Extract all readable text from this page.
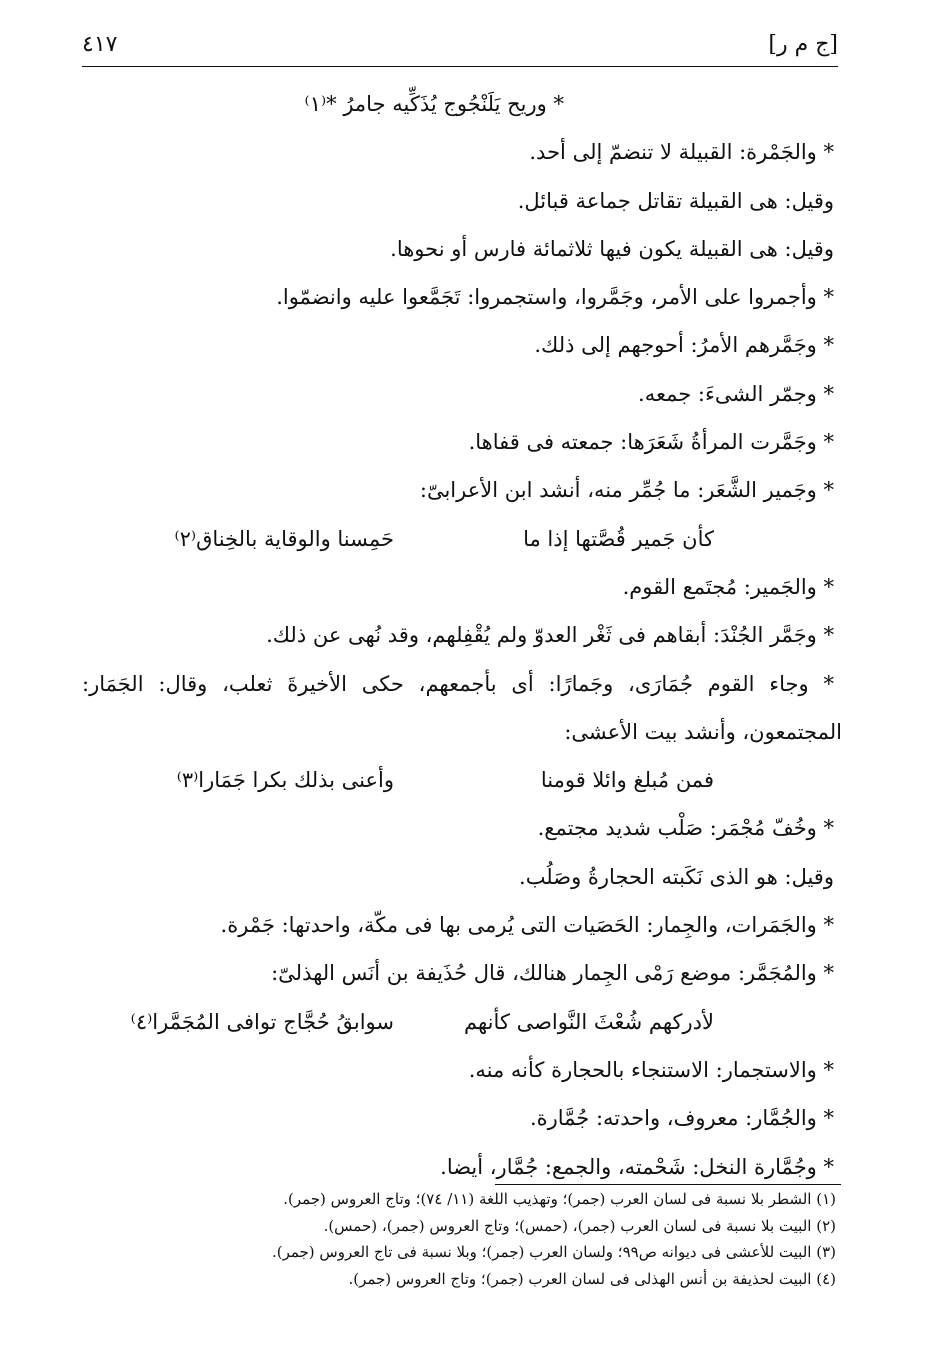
[ج م ر]
٤١٧
* وريح يَلَنْجُوج يُذَكِّيه جامرُ *⁽١⁾
* والجَمْرة: القبيلة لا تنضمّ إلى أحد.
وقيل: هى القبيلة تقاتل جماعة قبائل.
وقيل: هى القبيلة يكون فيها ثلاثمائة فارس أو نحوها.
* وأجمروا على الأمر، وجَمَّروا، واستجمروا: تَجَمَّعوا عليه وانضمّوا.
* وجَمَّرهم الأمرُ: أحوجهم إلى ذلك.
* وجمّر الشىءَ: جمعه.
* وجَمَّرت المرأةُ شَعَرَها: جمعته فى قفاها.
* وجَمير الشَّعَر: ما جُمِّر منه، أنشد ابن الأعرابىّ:
كأن جَمير قُصَّتها إذا ما
حَمِسنا والوقاية بالخِناق⁽٢⁾
* والجَمير: مُجتَمع القوم.
* وجَمَّر الجُنْدَ: أبقاهم فى ثَغْر العدوّ ولم يُقْفِلهم، وقد نُهى عن ذلك.
* وجاء القوم جُمَارَى، وجَمارًا: أى بأجمعهم، حكى الأخيرةَ ثعلب، وقال: الجَمَار:
المجتمعون، وأنشد بيت الأعشى:
فمن مُبلغ وائلا قومنا
وأعنى بذلك بكرا جَمَارا⁽٣⁾
* وخُفّ مُجْمَر: صَلْب شديد مجتمع.
وقيل: هو الذى نَكَبته الحجارةُ وصَلُب.
* والجَمَرات، والجِمار: الحَصَيات التى يُرمى بها فى مكّة، واحدتها: جَمْرة.
* والمُجَمَّر: موضع رَمْى الجِمار هنالك، قال حُذَيفة بن أنَس الهذلىّ:
لأدركهم شُعْثَ النَّواصى كأنهم
سوابقُ حُجَّاج توافى المُجَمَّرا⁽٤⁾
* والاستجمار: الاستنجاء بالحجارة كأنه منه.
* والجُمَّار: معروف، واحدته: جُمَّارة.
* وجُمَّارة النخل: شَحْمته، والجمع: جُمَّار، أيضا.
(١) الشطر بلا نسبة فى لسان العرب (جمر)؛ وتهذيب اللغة (١١/ ٧٤)؛ وتاج العروس (جمر).
(٢) البيت بلا نسبة فى لسان العرب (جمر)، (حمس)؛ وتاج العروس (جمر)، (حمس).
(٣) البيت للأعشى فى ديوانه ص٩٩؛ ولسان العرب (جمر)؛ وبلا نسبة فى تاج العروس (جمر).
(٤) البيت لحذيفة بن أنس الهذلى فى لسان العرب (جمر)؛ وتاج العروس (جمر).
